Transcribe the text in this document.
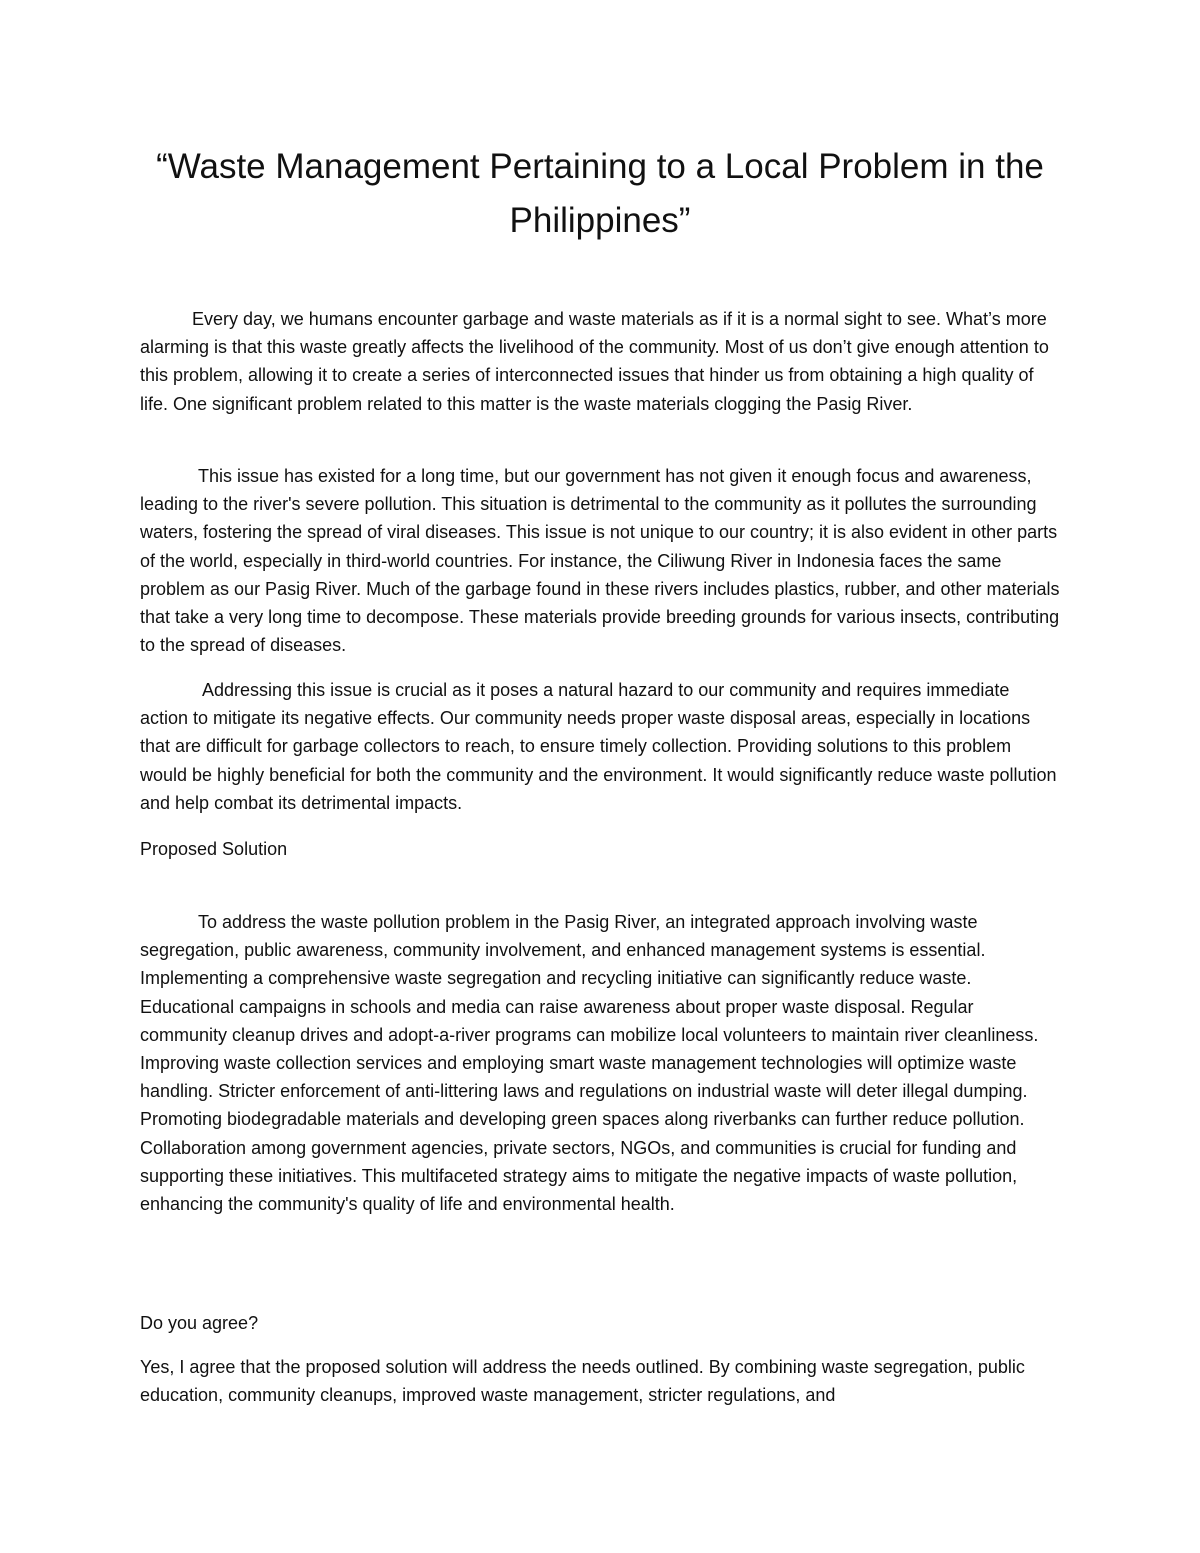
“Waste Management Pertaining to a Local Problem in the Philippines”

Every day, we humans encounter garbage and waste materials as if it is a normal sight to see. What’s more alarming is that this waste greatly affects the livelihood of the community. Most of us don’t give enough attention to this problem, allowing it to create a series of interconnected issues that hinder us from obtaining a high quality of life. One significant problem related to this matter is the waste materials clogging the Pasig River.

This issue has existed for a long time, but our government has not given it enough focus and awareness, leading to the river's severe pollution. This situation is detrimental to the community as it pollutes the surrounding waters, fostering the spread of viral diseases. This issue is not unique to our country; it is also evident in other parts of the world, especially in third-world countries. For instance, the Ciliwung River in Indonesia faces the same problem as our Pasig River. Much of the garbage found in these rivers includes plastics, rubber, and other materials that take a very long time to decompose. These materials provide breeding grounds for various insects, contributing to the spread of diseases.

Addressing this issue is crucial as it poses a natural hazard to our community and requires immediate action to mitigate its negative effects. Our community needs proper waste disposal areas, especially in locations that are difficult for garbage collectors to reach, to ensure timely collection. Providing solutions to this problem would be highly beneficial for both the community and the environment. It would significantly reduce waste pollution and help combat its detrimental impacts.

Proposed Solution

To address the waste pollution problem in the Pasig River, an integrated approach involving waste segregation, public awareness, community involvement, and enhanced management systems is essential. Implementing a comprehensive waste segregation and recycling initiative can significantly reduce waste. Educational campaigns in schools and media can raise awareness about proper waste disposal. Regular community cleanup drives and adopt-a-river programs can mobilize local volunteers to maintain river cleanliness. Improving waste collection services and employing smart waste management technologies will optimize waste handling. Stricter enforcement of anti-littering laws and regulations on industrial waste will deter illegal dumping. Promoting biodegradable materials and developing green spaces along riverbanks can further reduce pollution. Collaboration among government agencies, private sectors, NGOs, and communities is crucial for funding and supporting these initiatives. This multifaceted strategy aims to mitigate the negative impacts of waste pollution, enhancing the community's quality of life and environmental health.

Do you agree?

Yes, I agree that the proposed solution will address the needs outlined. By combining waste segregation, public education, community cleanups, improved waste management, stricter regulations, and
